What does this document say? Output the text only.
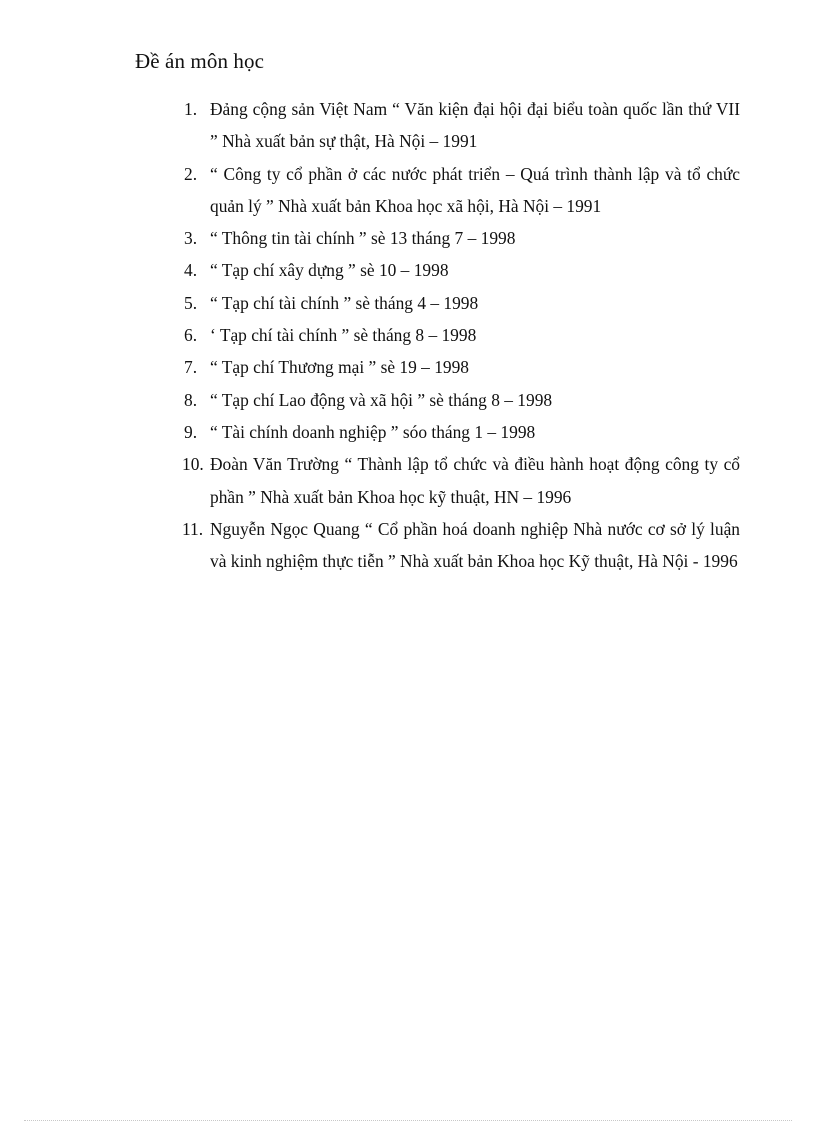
Đề án môn học
1. Đảng cộng sản Việt Nam “ Văn kiện đại hội đại biểu toàn quốc lần thứ VII ” Nhà xuất bản sự thật, Hà Nội – 1991
2. “ Công ty cổ phần ở các nước phát triển – Quá trình thành lập và tổ chức quản lý ” Nhà xuất bản Khoa học xã hội, Hà Nội – 1991
3. “ Thông tin tài chính ” sè 13 tháng 7 – 1998
4. “ Tạp chí xây dựng ” sè 10 – 1998
5. “ Tạp chí tài chính ” sè tháng 4 – 1998
6. ‘ Tạp chí tài chính ” sè tháng 8 – 1998
7. “ Tạp chí Thương mại ” sè 19 – 1998
8. “ Tạp chí Lao động và xã hội ” sè tháng 8 – 1998
9. “ Tài chính doanh nghiệp ” sóo tháng 1 – 1998
10. Đoàn Văn Trường “ Thành lập tổ chức và điều hành hoạt động công ty cổ phần ” Nhà xuất bản Khoa học kỹ thuật, HN – 1996
11. Nguyễn Ngọc Quang “ Cổ phần hoá doanh nghiệp Nhà nước cơ sở lý luận và kinh nghiệm thực tiễn ” Nhà xuất bản Khoa học Kỹ thuật, Hà Nội - 1996
